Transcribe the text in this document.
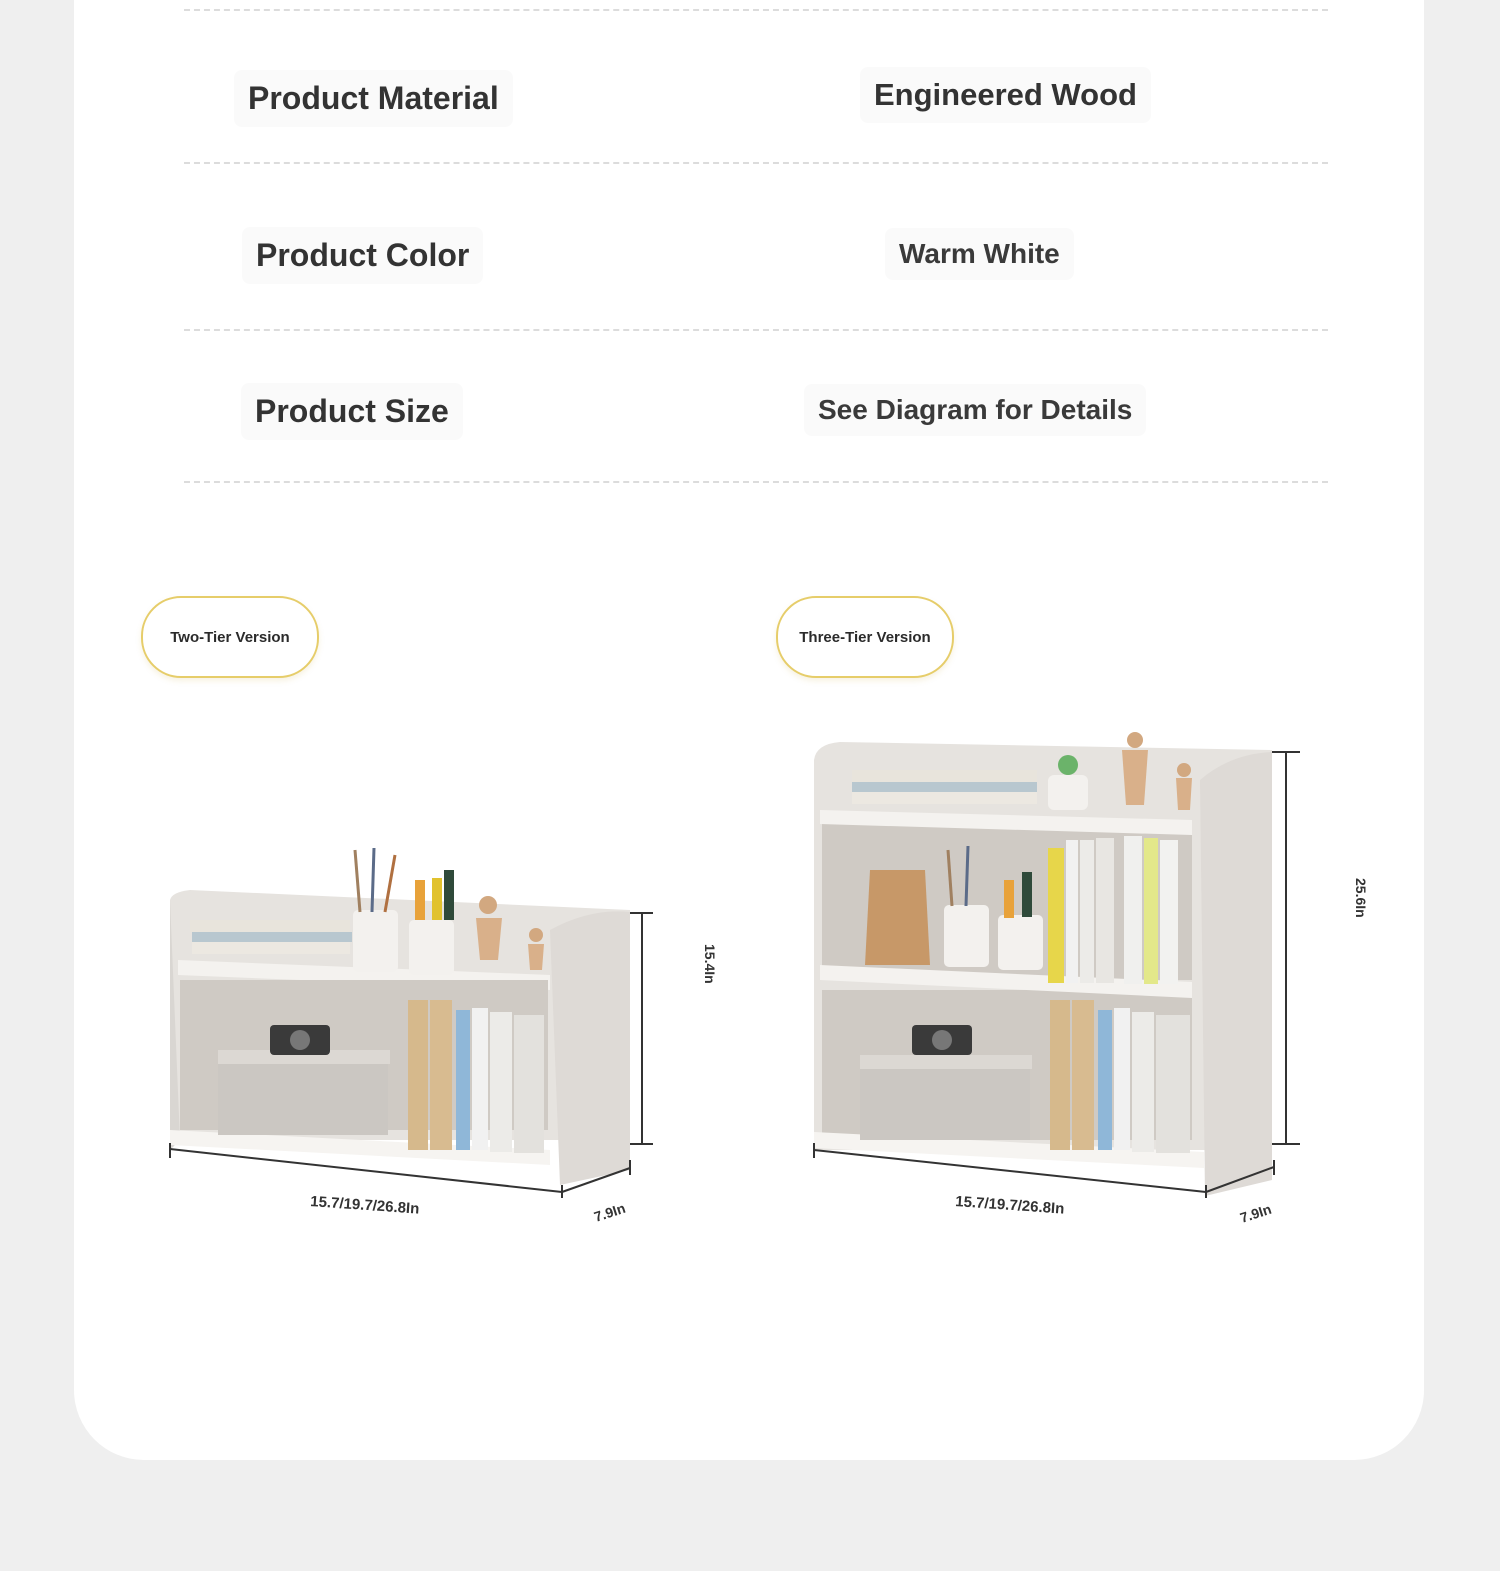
Product Material	Engineered Wood
Product Color	Warm White
Product Size	See Diagram for Details
Two-Tier Version	Three-Tier Version
15.7/19.7/26.8In	7.9In
15.4In
15.7/19.7/26.8In	7.9In
25.6In
